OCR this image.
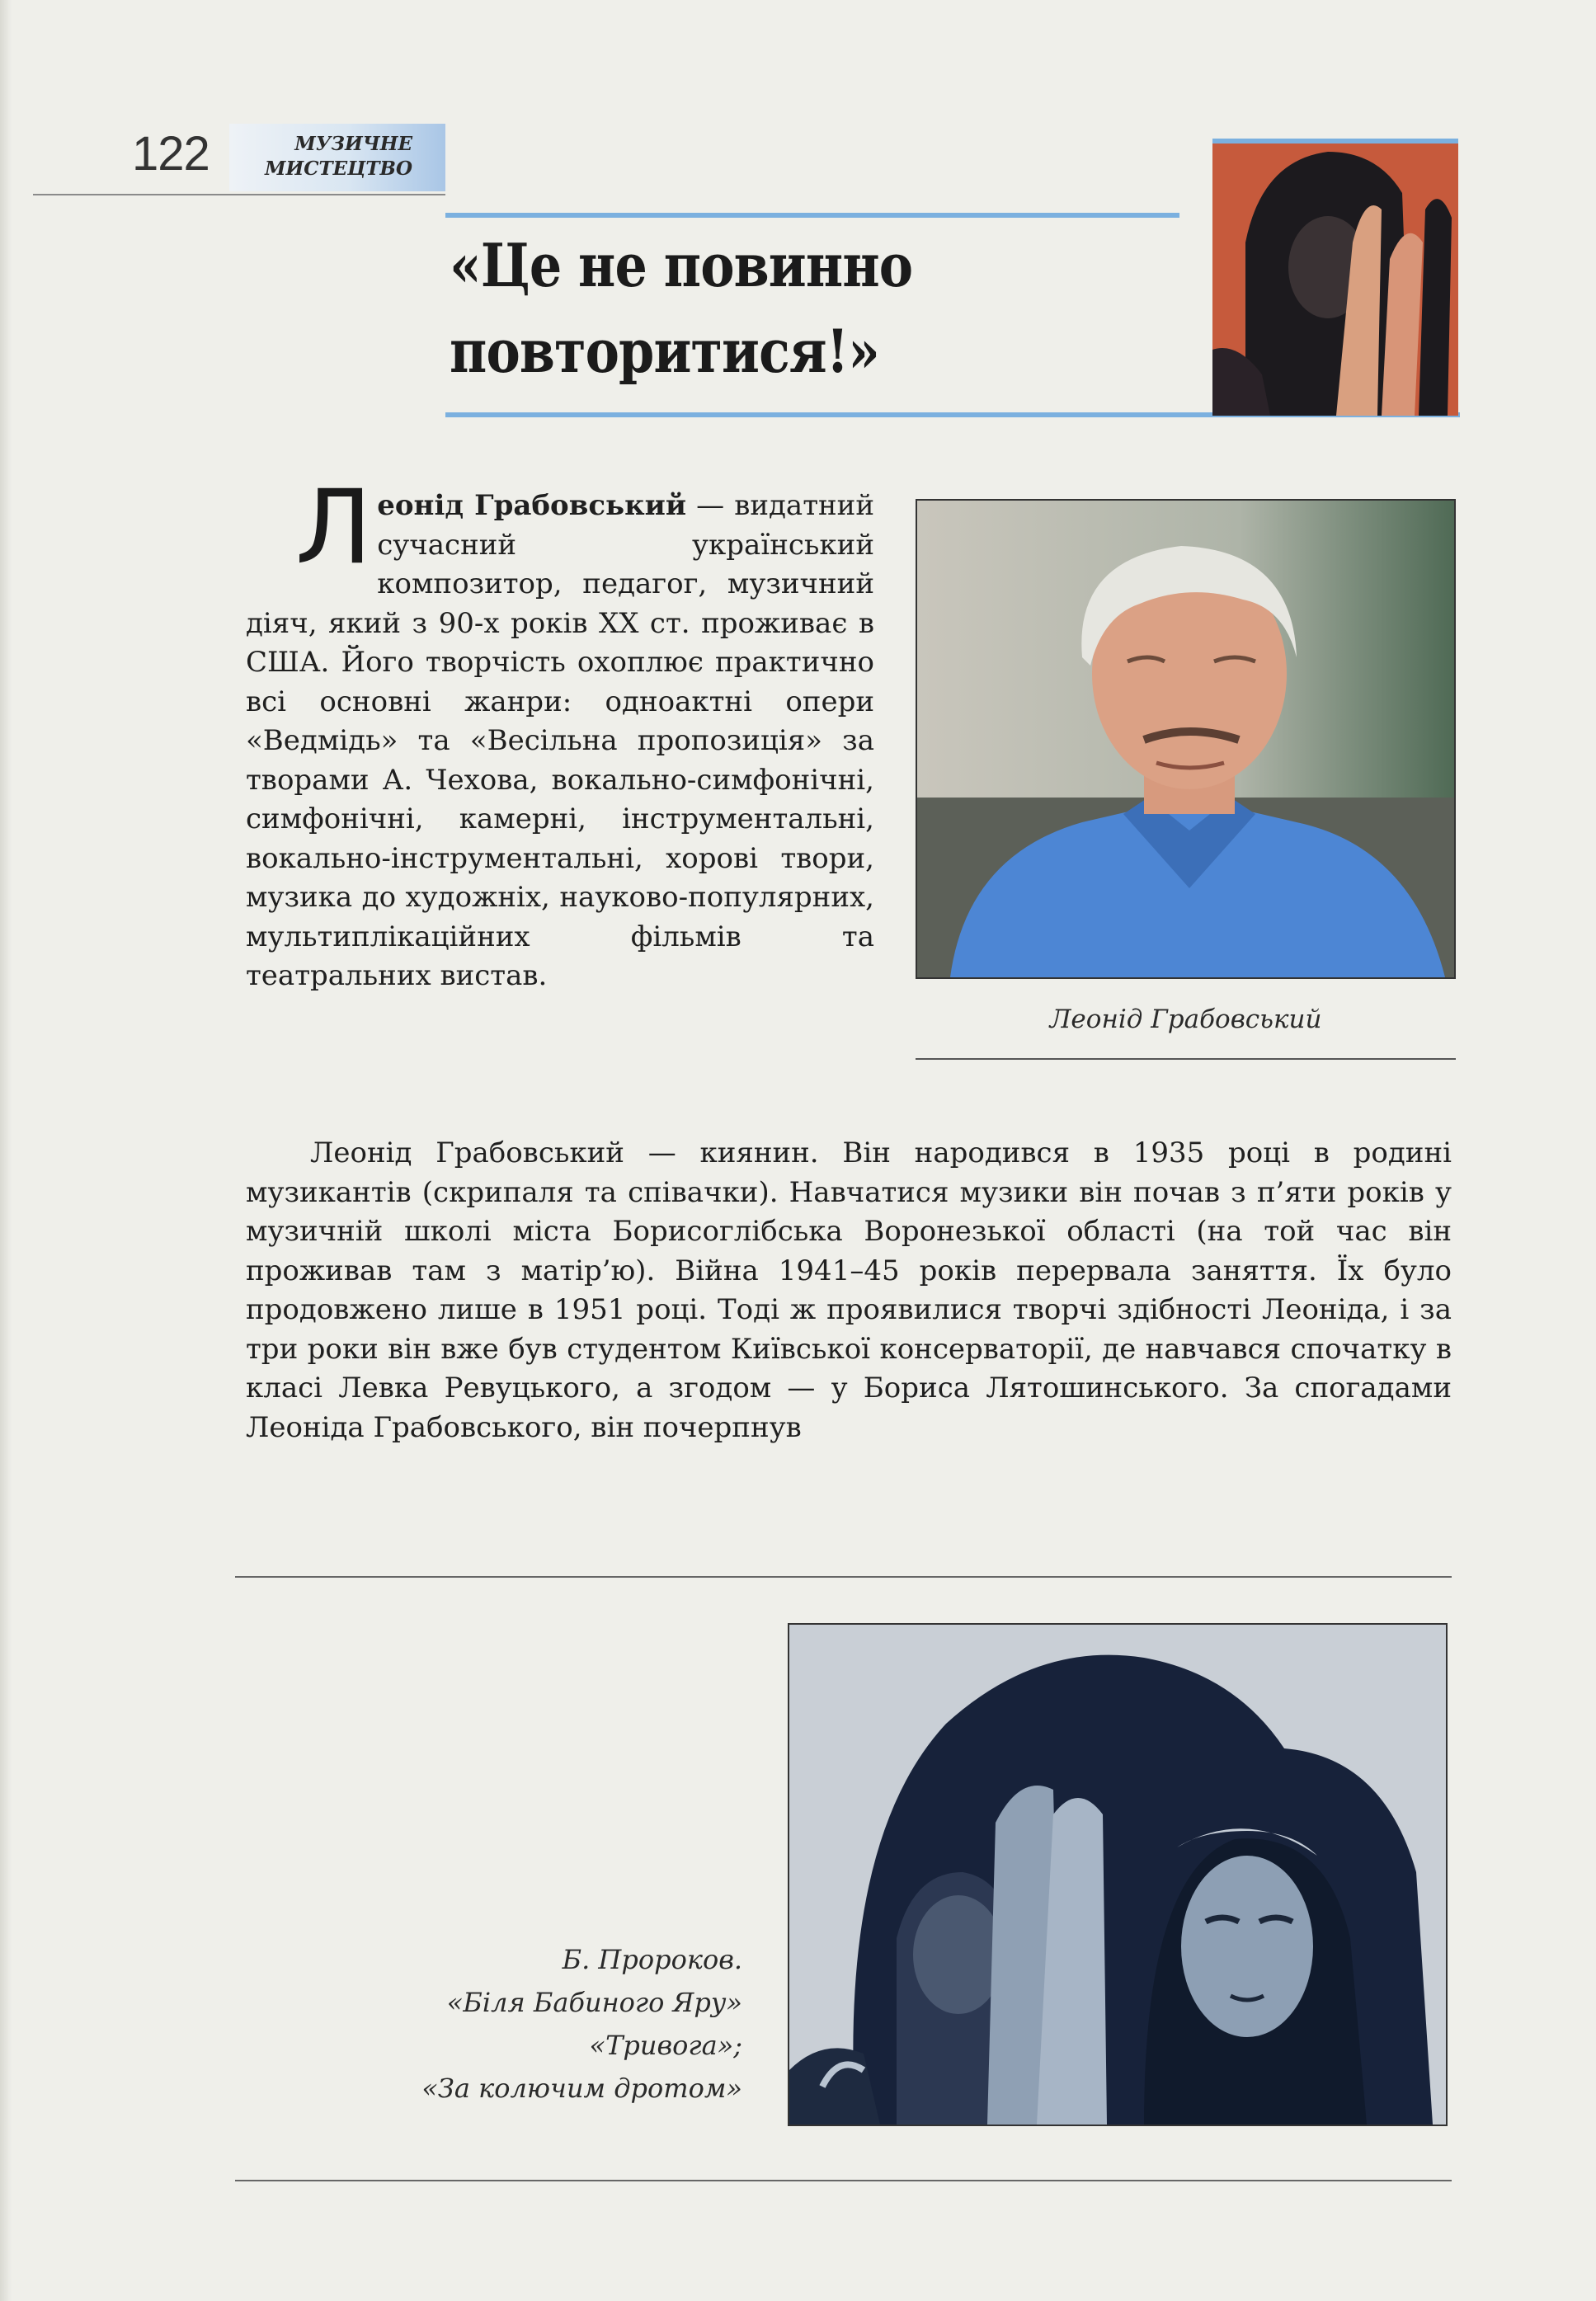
122	МУЗИЧНЕ
МИСТЕЦТВО
«Це не повинно
повторитися!»
Леонід Грабовський — видатний сучасний український композитор, педагог, музичний діяч, який з 90-х років XX ст. проживає в США. Його творчість охоплює практично всі основні жанри: одноактні опери «Ведмідь» та «Весільна пропозиція» за творами А. Чехова, вокально-симфонічні, симфонічні, камерні, інструментальні, вокально-інструментальні, хорові твори, музика до художніх, науково-популярних, мультиплікаційних фільмів та театральних вистав.
Леонід Грабовський
Леонід Грабовський — киянин. Він народився в 1935 році в родині музикантів (скрипаля та співачки). Навчатися музики він почав з п’яти років у музичній школі міста Борисоглібська Воронезької області (на той час він проживав там з матір’ю). Війна 1941–45 років перервала заняття. Їх було продовжено лише в 1951 році. Тоді ж проявилися творчі здібності Леоніда, і за три роки він вже був студентом Київської консерваторії, де навчався спочатку в класі Левка Ревуцького, а згодом — у Бориса Лятошинського. За спогадами Леоніда Грабовського, він почерпнув
Б. Пророков.
«Біля Бабиного Яру»
«Тривога»;
«За колючим дротом»
